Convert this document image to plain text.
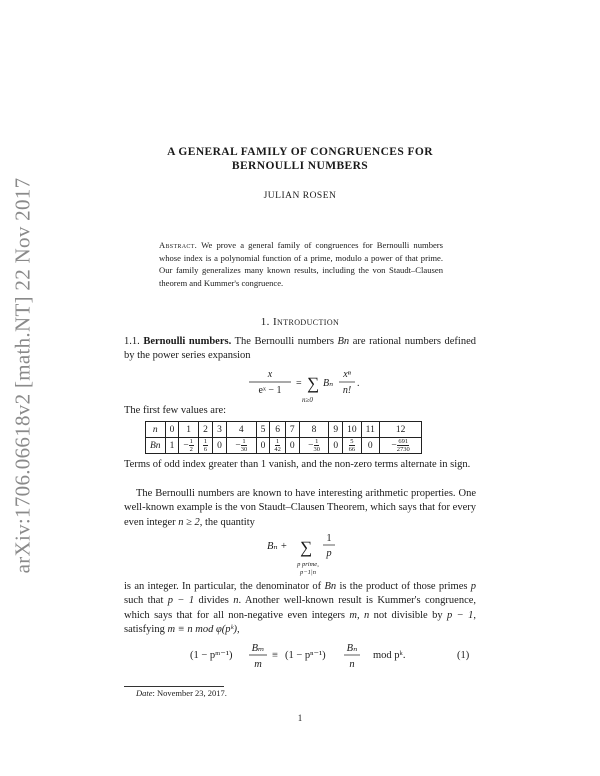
arXiv:1706.06618v2 [math.NT] 22 Nov 2017
A GENERAL FAMILY OF CONGRUENCES FOR
BERNOULLI NUMBERS
JULIAN ROSEN
Abstract. We prove a general family of congruences for Bernoulli numbers whose index is a polynomial function of a prime, modulo a power of that prime. Our family generalizes many known results, including the von Staudt–Clausen theorem and Kummer's congruence.
1. Introduction
1.1. Bernoulli numbers. The Bernoulli numbers Bn are rational numbers defined by the power series expansion
x
eˣ − 1
= ∑
n≥0
Bₙ
xⁿ
n!
.
The first few values are:
n	0	1	2	3	4	5	6	7	8	9	10	11	12
Bn	1	− $\frac{1}{2}$	$\frac{1}{6}$	0	− $\frac{1}{30}$	0	$\frac{1}{42}$	0	− $\frac{1}{30}$	0	$\frac{5}{66}$	0	− $\frac{691}{2730}$
Terms of odd index greater than 1 vanish, and the non-zero terms alternate in sign.
The Bernoulli numbers are known to have interesting arithmetic properties. One well-known example is the von Staudt–Clausen Theorem, which says that for every even integer n ≥ 2, the quantity
Bₙ + ∑
p prime,
p−1|n
1
p
is an integer. In particular, the denominator of Bn is the product of those primes p such that p − 1 divides n. Another well-known result is Kummer's congruence, which says that for all non-negative even integers m, n not divisible by p − 1, satisfying m ≡ n mod φ(pᵏ),
(1 − pᵐ⁻¹)
Bₘ
m
≡ (1 − pⁿ⁻¹)
Bₙ
n
mod pᵏ.	(1)
Date: November 23, 2017.
1
